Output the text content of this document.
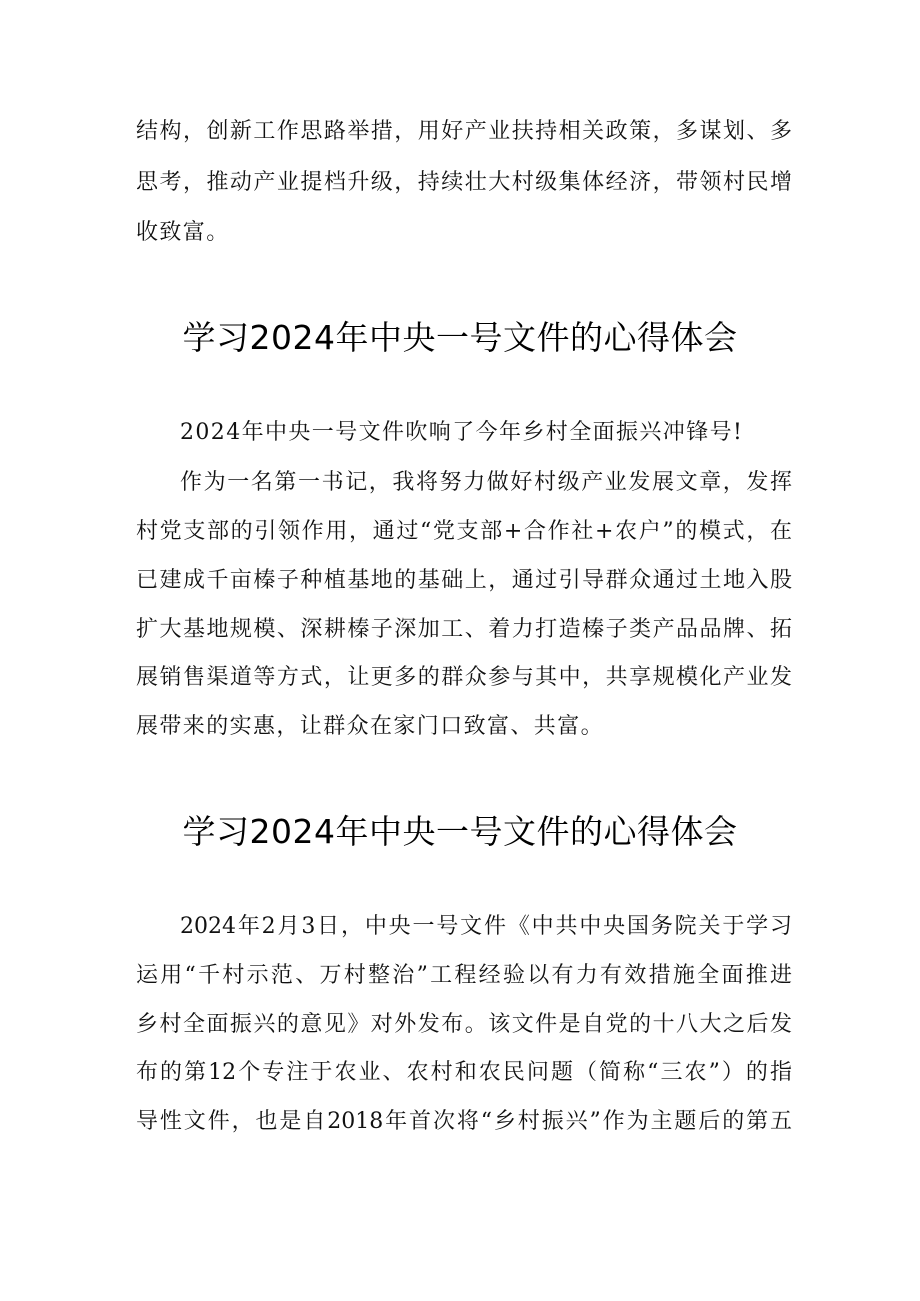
结构，创新工作思路举措，用好产业扶持相关政策，多谋划、多
思考，推动产业提档升级，持续壮大村级集体经济，带领村民增
收致富。
学习2024年中央一号文件的心得体会
2024年中央一号文件吹响了今年乡村全面振兴冲锋号!
作为一名第一书记，我将努力做好村级产业发展文章，发挥
村党支部的引领作用，通过“党支部+合作社+农户”的模式，在
已建成千亩榛子种植基地的基础上，通过引导群众通过土地入股
扩大基地规模、深耕榛子深加工、着力打造榛子类产品品牌、拓
展销售渠道等方式，让更多的群众参与其中，共享规模化产业发
展带来的实惠，让群众在家门口致富、共富。
学习2024年中央一号文件的心得体会
2024年2月3日，中央一号文件《中共中央国务院关于学习
运用“千村示范、万村整治”工程经验以有力有效措施全面推进
乡村全面振兴的意见》对外发布。该文件是自党的十八大之后发
布的第12个专注于农业、农村和农民问题（简称“三农”）的指
导性文件，也是自2018年首次将“乡村振兴”作为主题后的第五
